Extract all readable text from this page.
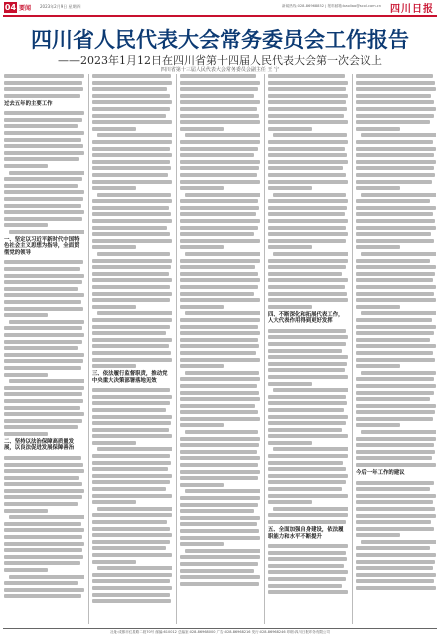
04 要闻 2023年2月9日 星期四	新闻热线:028-86968852 | 报料邮箱:baoliao@scol.com.cn 四川日报
四川省人民代表大会常务委员会工作报告
——2023年1月12日在四川省第十四届人民代表大会第一次会议上
四川省第十三届人民代表大会常务委员会副主任 王 宁
过去五年的主要工作
一、坚定以习近平新时代中国特色社会主义思想为指导，全面贯彻党的领导
二、坚持以法治保障高质量发展，以良法促进发展保障善治
三、依法履行监督职责，推动党中央重大决策部署落地见效
四、不断深化和拓展代表工作，人大代表作用得到更好发挥
五、全面加强自身建设，依法履职能力和水平不断提升
今后一年工作的建议
社址:成都市红星路二段70号 邮编:610012 总编室:028-86968000 广告:028-86968216 发行:028-86968246 印刷:四川日报印务有限公司
